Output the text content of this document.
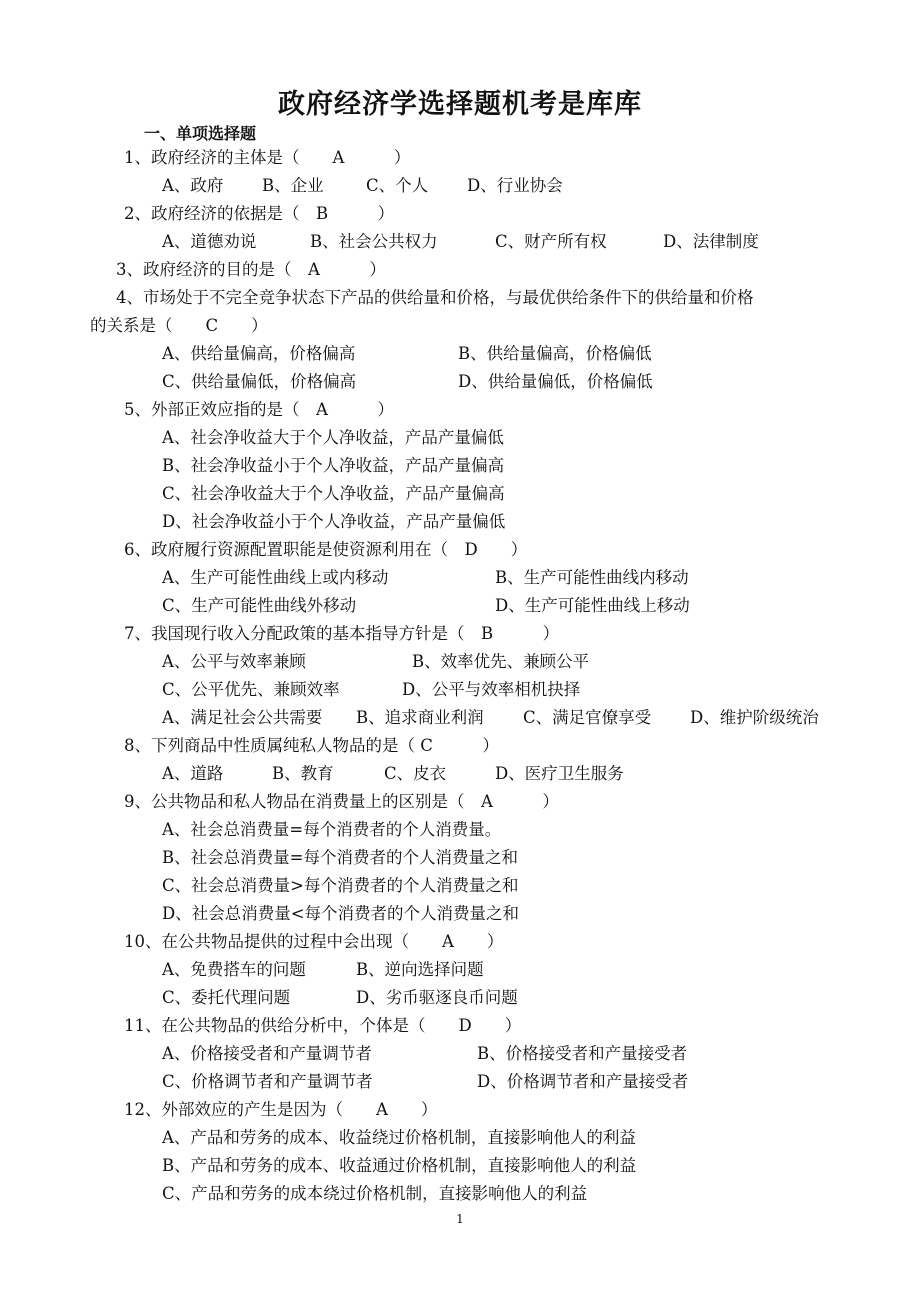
政府经济学选择题机考是库库
一、单项选择题
1、政府经济的主体是（　　A　　　）
A、政府 B、企业	C、个人 D、行业协会
2、政府经济的依据是（　B　　　）
A、道德劝说	B、社会公共权力	C、财产所有权	D、法律制度
3、政府经济的目的是（　A　　　）
4、市场处于不完全竞争状态下产品的供给量和价格，与最优供给条件下的供给量和价格
的关系是（　　C　　）
A、供给量偏高，价格偏高	B、供给量偏高，价格偏低
C、供给量偏低，价格偏高	D、供给量偏低，价格偏低
5、外部正效应指的是（　A　　　）
A、社会净收益大于个人净收益，产品产量偏低
B、社会净收益小于个人净收益，产品产量偏高
C、社会净收益大于个人净收益，产品产量偏高
D、社会净收益小于个人净收益，产品产量偏低
6、政府履行资源配置职能是使资源利用在（　D　　）
A、生产可能性曲线上或内移动	B、生产可能性曲线内移动
C、生产可能性曲线外移动	D、生产可能性曲线上移动
7、我国现行收入分配政策的基本指导方针是（　B　　　）
A、公平与效率兼顾	B、效率优先、兼顾公平
C、公平优先、兼顾效率	D、公平与效率相机抉择
A、满足社会公共需要 B、追求商业利润 C、满足官僚享受 D、维护阶级统治
8、下列商品中性质属纯私人物品的是（ C　　　）
A、道路	B、教育	C、皮衣	D、医疗卫生服务
9、公共物品和私人物品在消费量上的区别是（　A　　　）
A、社会总消费量=每个消费者的个人消费量。
B、社会总消费量=每个消费者的个人消费量之和
C、社会总消费量>每个消费者的个人消费量之和
D、社会总消费量<每个消费者的个人消费量之和
10、在公共物品提供的过程中会出现（　　A　　）
A、免费搭车的问题	B、逆向选择问题
C、委托代理问题	D、劣币驱逐良币问题
11、在公共物品的供给分析中，个体是（　　D　　）
A、价格接受者和产量调节者	B、价格接受者和产量接受者
C、价格调节者和产量调节者	D、价格调节者和产量接受者
12、外部效应的产生是因为（　　A　　）
A、产品和劳务的成本、收益绕过价格机制，直接影响他人的利益
B、产品和劳务的成本、收益通过价格机制，直接影响他人的利益
C、产品和劳务的成本绕过价格机制，直接影响他人的利益
1
